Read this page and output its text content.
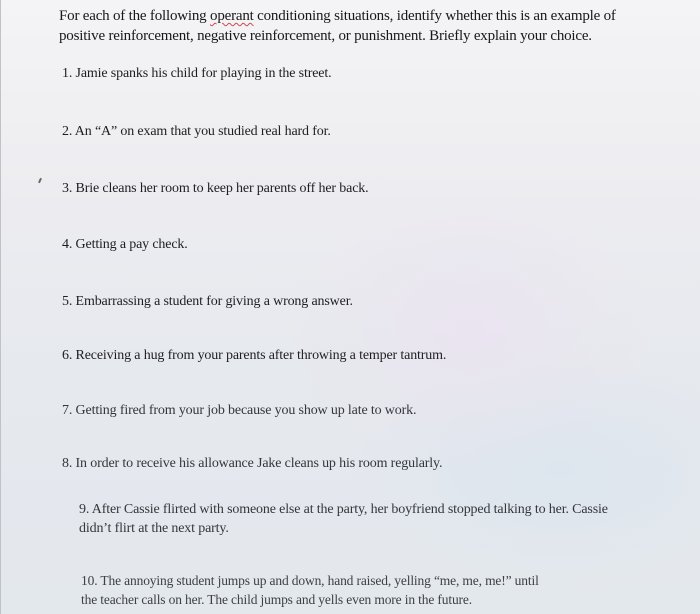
For each of the following operant conditioning situations, identify whether this is an example of positive reinforcement, negative reinforcement, or punishment. Briefly explain your choice.
1. Jamie spanks his child for playing in the street.
2. An “A” on exam that you studied real hard for.
3. Brie cleans her room to keep her parents off her back.
4. Getting a pay check.
5. Embarrassing a student for giving a wrong answer.
6. Receiving a hug from your parents after throwing a temper tantrum.
7. Getting fired from your job because you show up late to work.
8. In order to receive his allowance Jake cleans up his room regularly.
9. After Cassie flirted with someone else at the party, her boyfriend stopped talking to her. Cassie didn’t flirt at the next party.
10. The annoying student jumps up and down, hand raised, yelling “me, me, me!” until the teacher calls on her. The child jumps and yells even more in the future.
